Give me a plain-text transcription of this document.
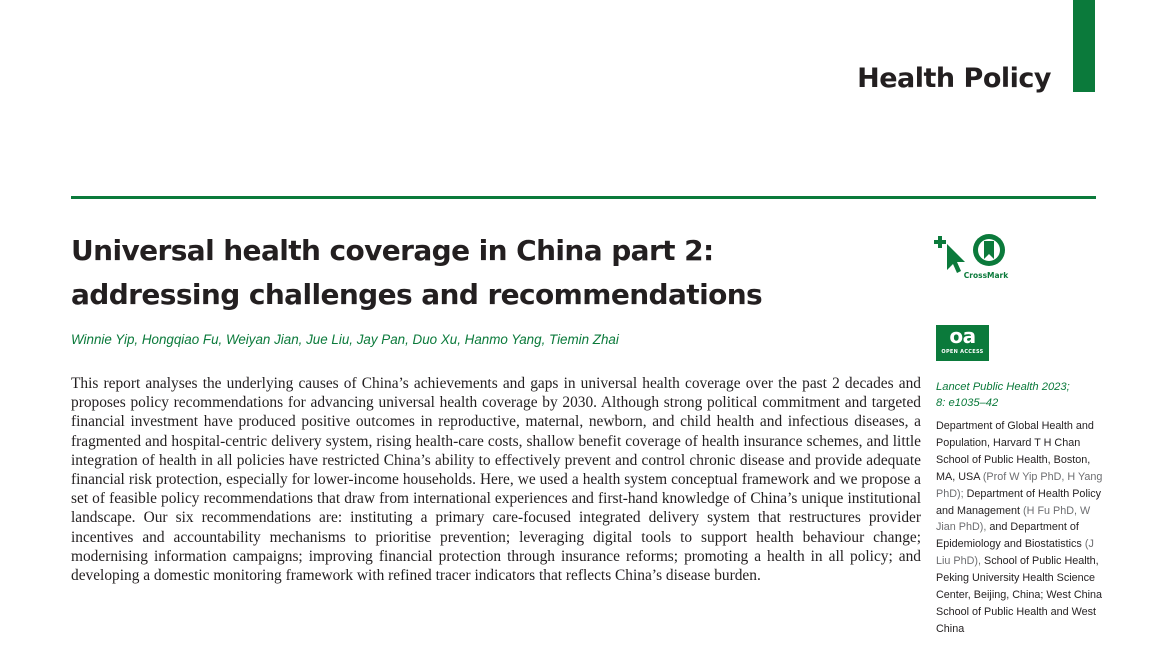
Health Policy
Universal health coverage in China part 2: addressing challenges and recommendations
Winnie Yip, Hongqiao Fu, Weiyan Jian, Jue Liu, Jay Pan, Duo Xu, Hanmo Yang, Tiemin Zhai

This report analyses the underlying causes of China’s achievements and gaps in universal health coverage over the past 2 decades and proposes policy recommendations for advancing universal health coverage by 2030. Although strong political commitment and targeted financial investment have produced positive outcomes in reproductive, maternal, newborn, and child health and infectious diseases, a fragmented and hospital-centric delivery system, rising health-care costs, shallow benefit coverage of health insurance schemes, and little integration of health in all policies have restricted China’s ability to effectively prevent and control chronic disease and provide adequate financial risk protection, especially for lower-income households. Here, we used a health system conceptual framework and we propose a set of feasible policy recommendations that draw from international experiences and first-hand knowledge of China’s unique institutional landscape. Our six recommendations are: instituting a primary care-focused integrated delivery system that restructures provider incentives and accountability mechanisms to prioritise prevention; leveraging digital tools to support health behaviour change; modernising information campaigns; improving financial protection through insurance reforms; promoting a health in all policy; and developing a domestic monitoring framework with refined tracer indicators that reflects China’s disease burden.

CrossMark
oa
OPEN ACCESS
Lancet Public Health 2023;
8: e1035–42
Department of Global Health and Population, Harvard T H Chan School of Public Health, Boston, MA, USA (Prof W Yip PhD, H Yang PhD); Department of Health Policy and Management (H Fu PhD, W Jian PhD), and Department of Epidemiology and Biostatistics (J Liu PhD), School of Public Health, Peking University Health Science Center, Beijing, China; West China School of Public Health and West China
